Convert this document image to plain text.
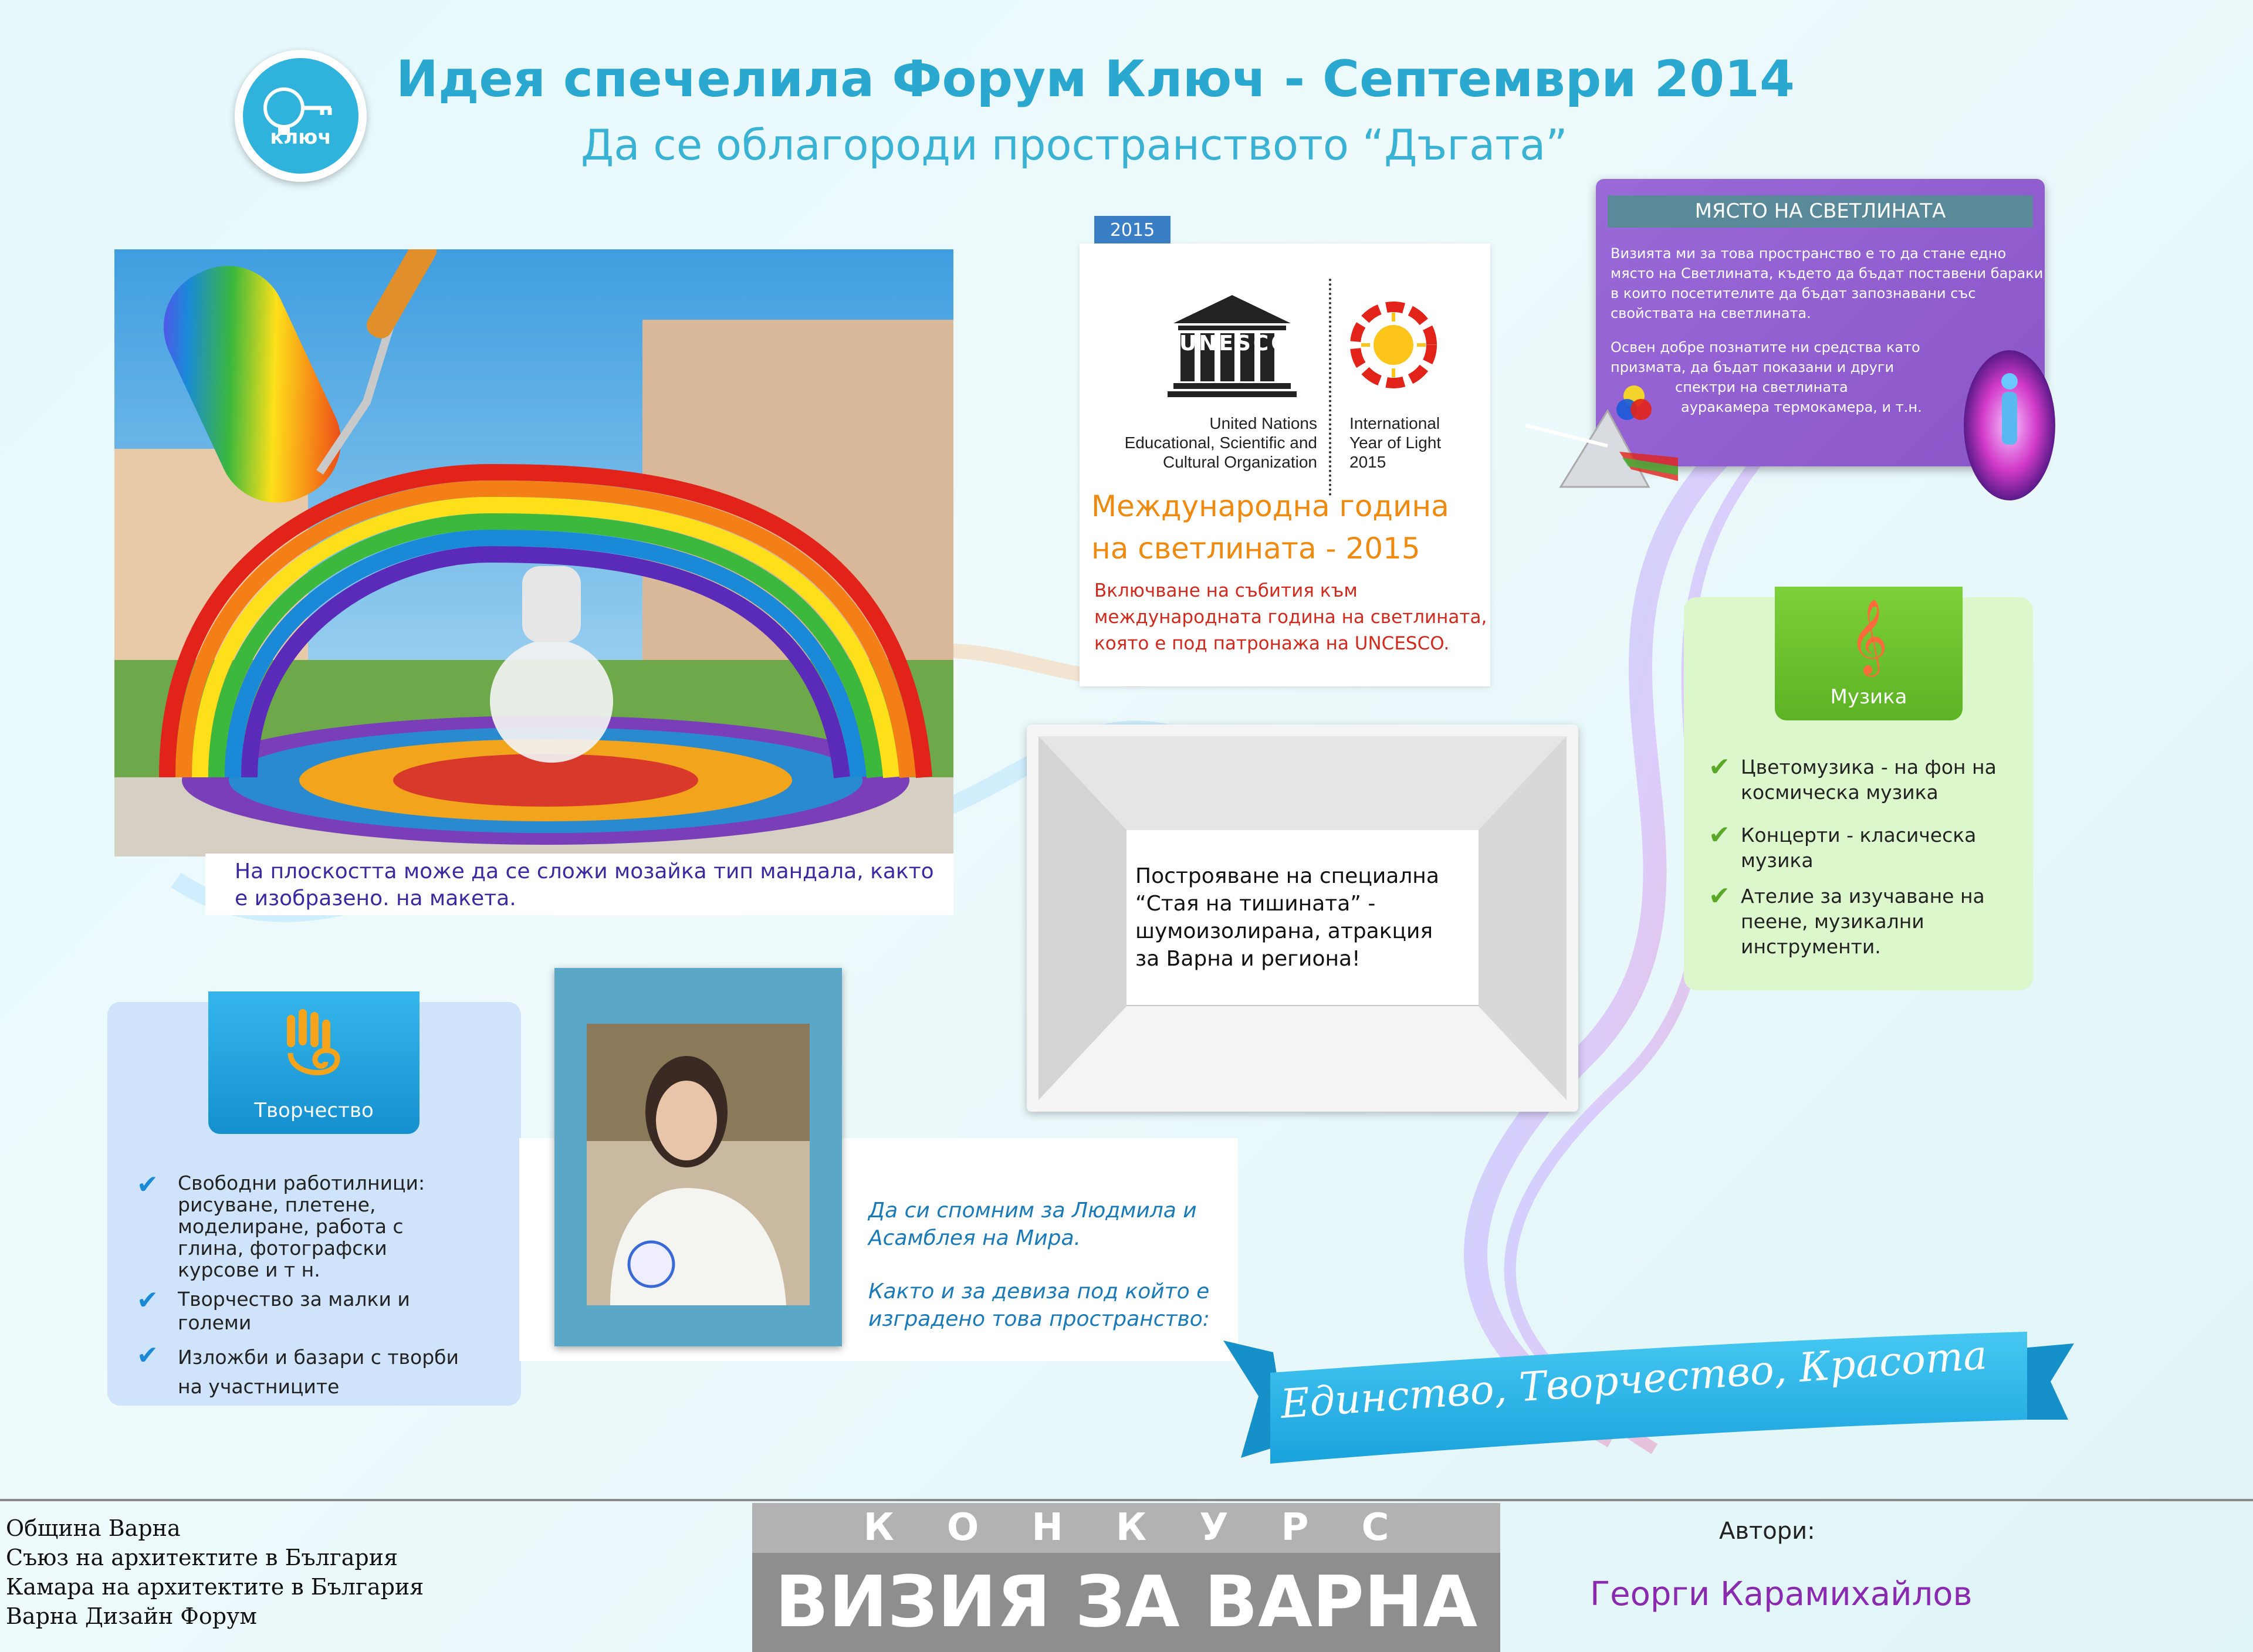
ключ
Идея спечелила Форум Ключ - Септември 2014
Да се облагороди пространството “Дъгата”
На плоскостта може да се сложи мозайка тип мандала, както е изобразено. на макета.
2015
UNESCO
United Nations
Educational, Scientific and
Cultural Organization
International
Year of Light
2015
Международна година
на светлината - 2015
Включване на събития към
международната година на светлината,
която е под патронажа на UNCESCO.
МЯСТО НА СВЕТЛИНАТА
Визията ми за това пространство е то да стане едно
място на Светлината, където да бъдат поставени бараки
в които посетителите да бъдат запознавани със
свойствата на светлината.
Освен добре познатите ни средства като
призмата, да бъдат показани и други
спектри на светлината
ауракамера термокамера, и т.н.
✔ Цветомузика - на фон на
космическа музика
✔ Концерти - класическа
музика
✔ Ателие за изучаване на
пеене, музикални
инструменти.
𝄞
Музика
✔	Свободни работилници:
рисуване, плетене,
моделиране, работа с
глина, фотографски
курсове и т н.
✔	Творчество за малки и
големи
✔	Изложби и базари с творби
на участниците
Творчество
Построяване на специална
“Стая на тишината” -
шумоизолирана, атракция
за Варна и региона!
Да си спомним за Людмила и
Асамблея на Мира.
Както и за девиза под който е
изградено това пространство:
Единство, Творчество, Красота
Община Варна
Съюз на архитектите в България
Камара на архитектите в България
Варна Дизайн Форум
КОНКУРС
ВИЗИЯ ЗА ВАРНА
Автори:
Георги Карамихайлов
